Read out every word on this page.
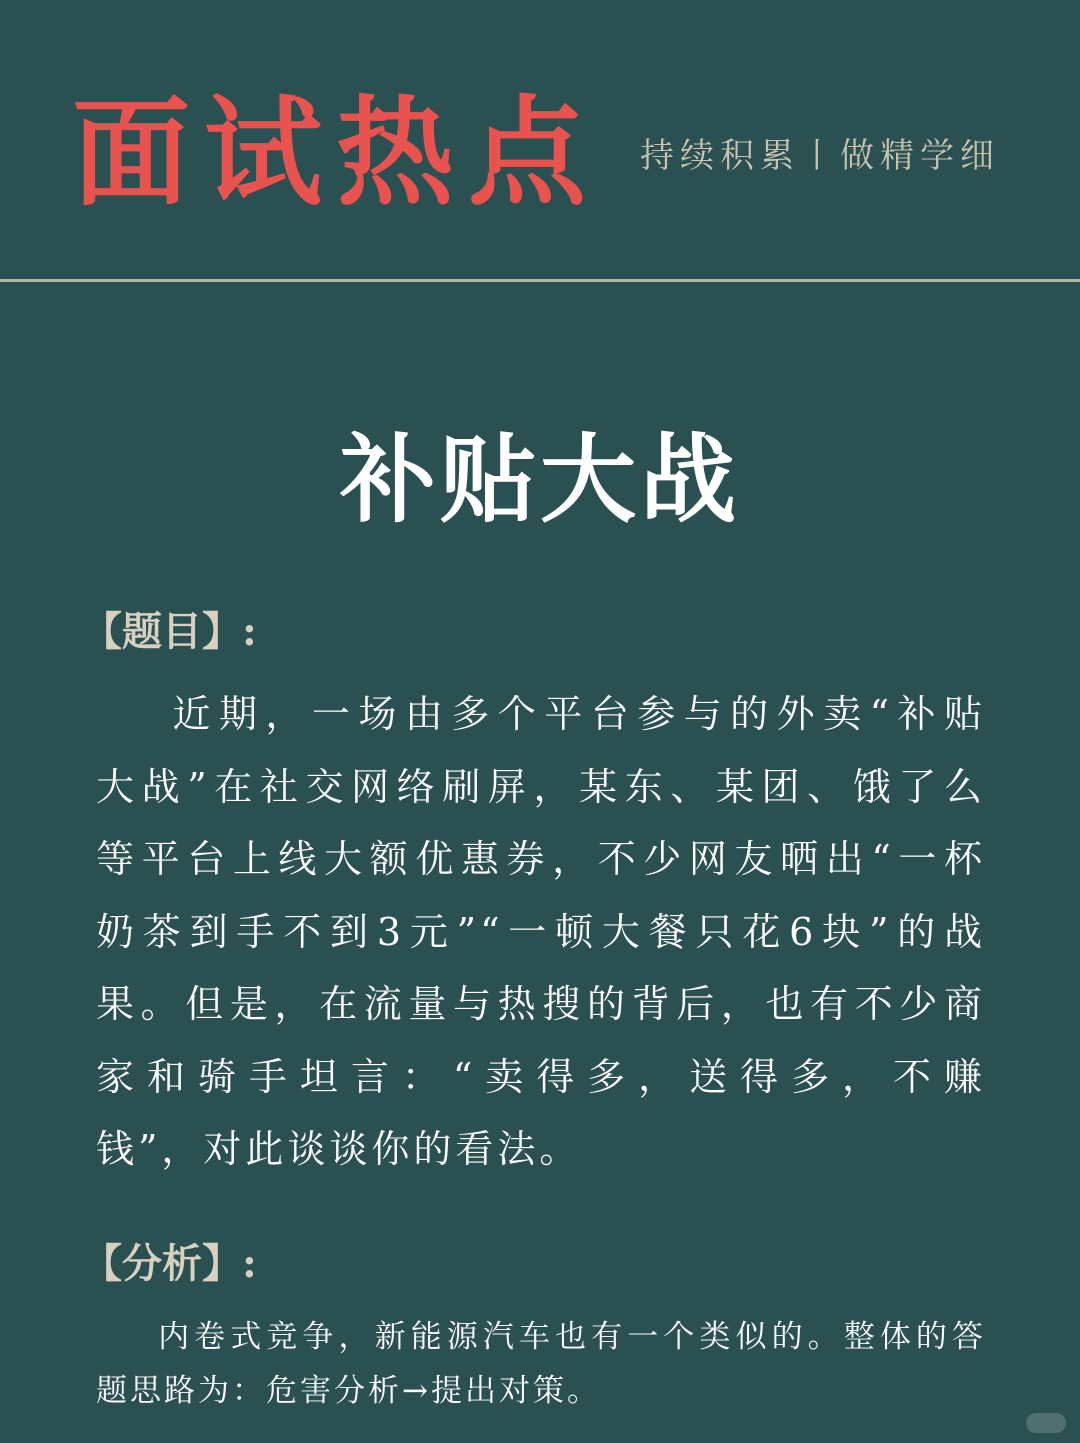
面试热点 持续积累丨做精学细
补贴大战
【题目】:
近期，一场由多个平台参与的外卖“补贴
大战”在社交网络刷屏，某东、某团、饿了么
等平台上线大额优惠券，不少网友晒出“一杯
奶茶到手不到3元”“一顿大餐只花6块”的战
果。但是，在流量与热搜的背后，也有不少商
家和骑手坦言：“卖得多，送得多，不赚
钱”，对此谈谈你的看法。
【分析】:
内卷式竞争，新能源汽车也有一个类似的。整体的答
题思路为：危害分析→提出对策。
